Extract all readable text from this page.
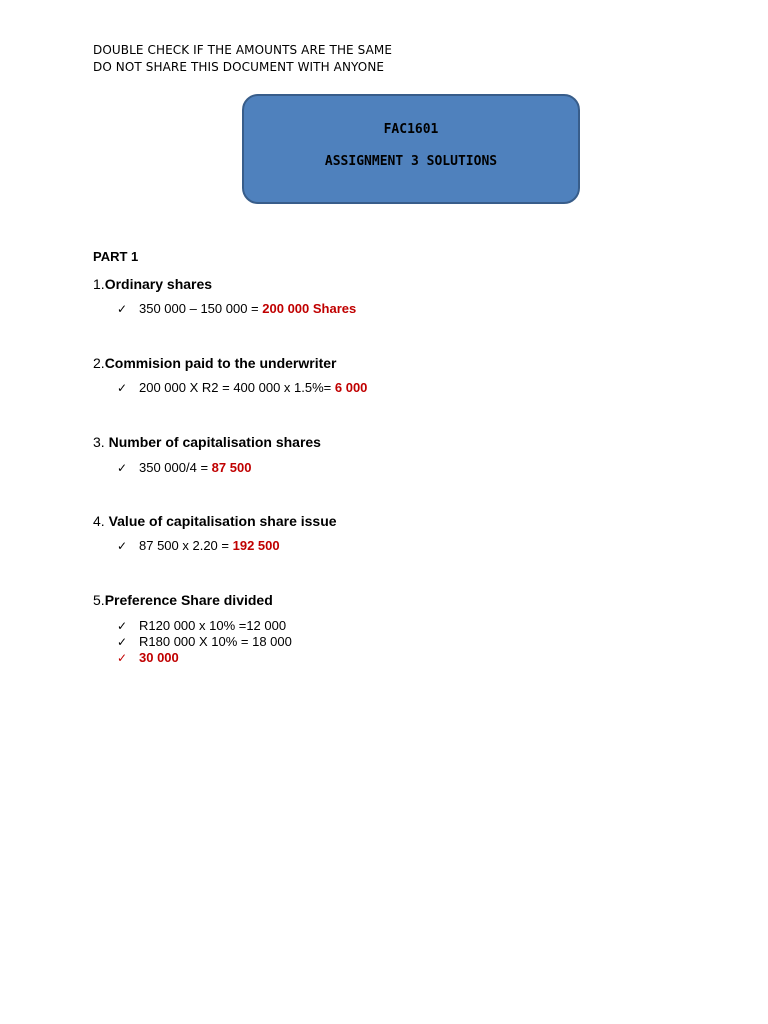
DOUBLE CHECK IF THE AMOUNTS ARE THE SAME
DO NOT SHARE THIS DOCUMENT WITH ANYONE
FAC1601
ASSIGNMENT 3 SOLUTIONS
PART 1
1.Ordinary shares
✓ 350 000 – 150 000 = 200 000 Shares
2.Commision paid to the underwriter
✓ 200 000 X R2 = 400 000 x 1.5%= 6 000
3. Number of capitalisation shares
✓ 350 000/4 = 87 500
4. Value of capitalisation share issue
✓ 87 500 x 2.20 = 192 500
5.Preference Share divided
✓ R120 000 x 10% =12 000
✓ R180 000 X 10% = 18 000
✓ 30 000
